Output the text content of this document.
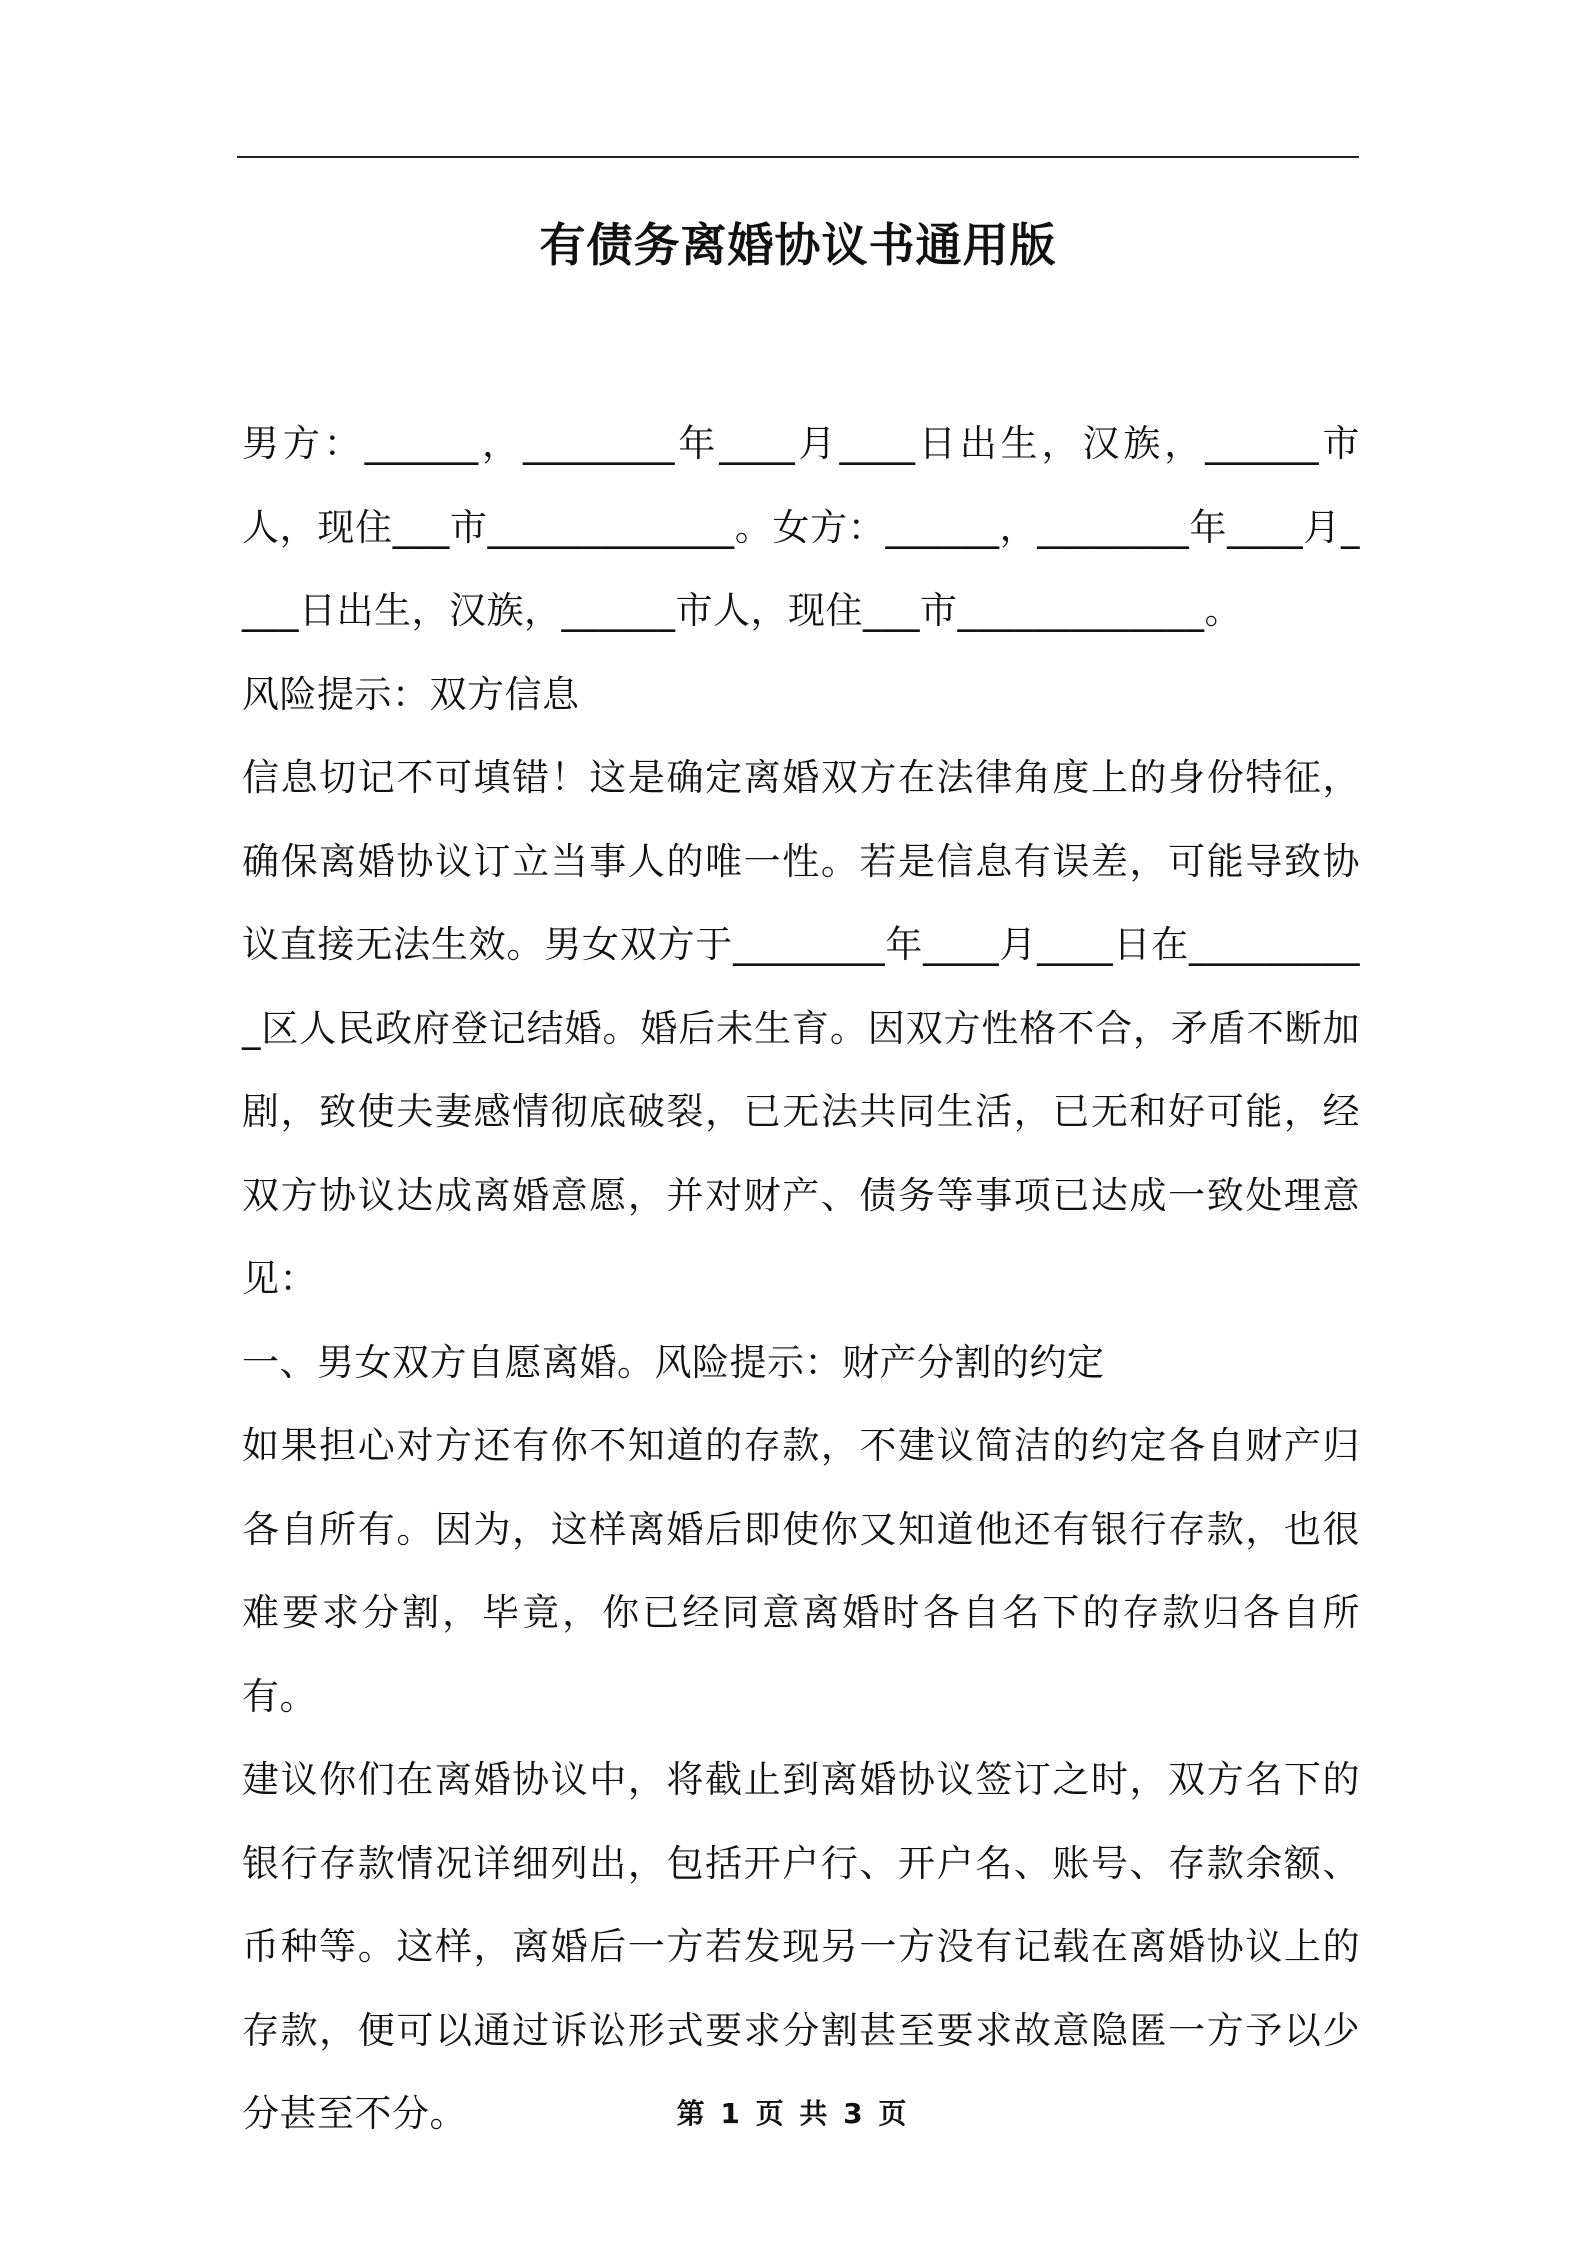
有债务离婚协议书通用版

男方：______，________年____月____日出生，汉族，______市人，现住___市_____________。女方：______，________年____月____日出生，汉族，______市人，现住___市_____________。

风险提示：双方信息

信息切记不可填错！这是确定离婚双方在法律角度上的身份特征，确保离婚协议订立当事人的唯一性。若是信息有误差，可能导致协议直接无法生效。男女双方于________年____月____日在__________区人民政府登记结婚。婚后未生育。因双方性格不合，矛盾不断加剧，致使夫妻感情彻底破裂，已无法共同生活，已无和好可能，经双方协议达成离婚意愿，并对财产、债务等事项已达成一致处理意见：

一、男女双方自愿离婚。风险提示：财产分割的约定

如果担心对方还有你不知道的存款，不建议简洁的约定各自财产归各自所有。因为，这样离婚后即使你又知道他还有银行存款，也很难要求分割，毕竟，你已经同意离婚时各自名下的存款归各自所有。

建议你们在离婚协议中，将截止到离婚协议签订之时，双方名下的银行存款情况详细列出，包括开户行、开户名、账号、存款余额、币种等。这样，离婚后一方若发现另一方没有记载在离婚协议上的存款，便可以通过诉讼形式要求分割甚至要求故意隐匿一方予以少分甚至不分。	第 1 页 共 3 页
